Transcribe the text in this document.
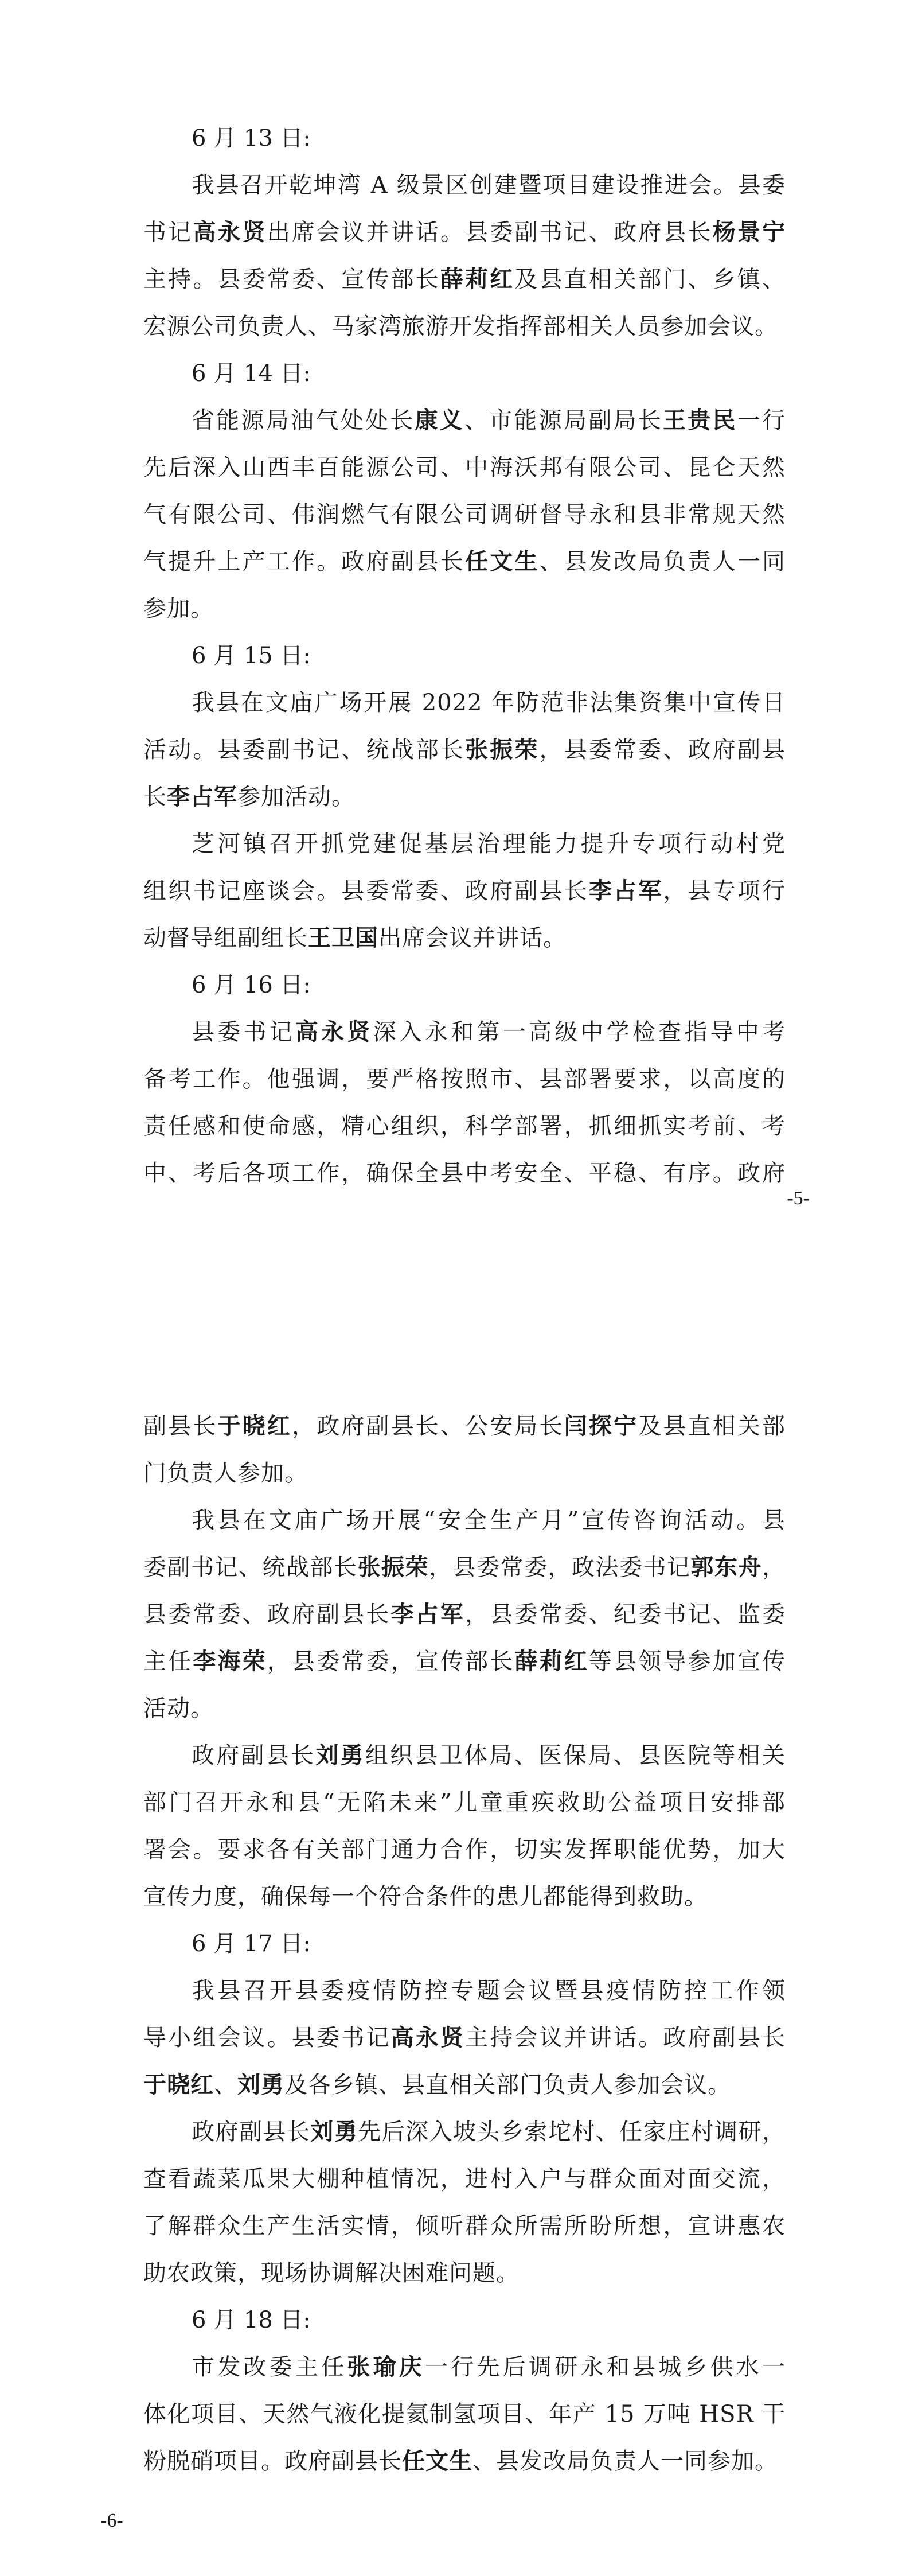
6 月 13 日:
我县召开乾坤湾 A 级景区创建暨项目建设推进会。县委
书记高永贤出席会议并讲话。县委副书记、政府县长杨景宁
主持。县委常委、宣传部长薛莉红及县直相关部门、乡镇、
宏源公司负责人、马家湾旅游开发指挥部相关人员参加会议。
6 月 14 日:
省能源局油气处处长康义、市能源局副局长王贵民一行
先后深入山西丰百能源公司、中海沃邦有限公司、昆仑天然
气有限公司、伟润燃气有限公司调研督导永和县非常规天然
气提升上产工作。政府副县长任文生、县发改局负责人一同
参加。
6 月 15 日:
我县在文庙广场开展 2022 年防范非法集资集中宣传日
活动。县委副书记、统战部长张振荣，县委常委、政府副县
长李占军参加活动。
芝河镇召开抓党建促基层治理能力提升专项行动村党
组织书记座谈会。县委常委、政府副县长李占军，县专项行
动督导组副组长王卫国出席会议并讲话。
6 月 16 日:
县委书记高永贤深入永和第一高级中学检查指导中考
备考工作。他强调，要严格按照市、县部署要求，以高度的
责任感和使命感，精心组织，科学部署，抓细抓实考前、考
中、考后各项工作，确保全县中考安全、平稳、有序。政府
-5-
副县长于晓红，政府副县长、公安局长闫探宁及县直相关部
门负责人参加。
我县在文庙广场开展“安全生产月”宣传咨询活动。县
委副书记、统战部长张振荣，县委常委，政法委书记郭东舟，
县委常委、政府副县长李占军，县委常委、纪委书记、监委
主任李海荣，县委常委，宣传部长薛莉红等县领导参加宣传
活动。
政府副县长刘勇组织县卫体局、医保局、县医院等相关
部门召开永和县“无陷未来”儿童重疾救助公益项目安排部
署会。要求各有关部门通力合作，切实发挥职能优势，加大
宣传力度，确保每一个符合条件的患儿都能得到救助。
6 月 17 日:
我县召开县委疫情防控专题会议暨县疫情防控工作领
导小组会议。县委书记高永贤主持会议并讲话。政府副县长
于晓红、刘勇及各乡镇、县直相关部门负责人参加会议。
政府副县长刘勇先后深入坡头乡索坨村、任家庄村调研，
查看蔬菜瓜果大棚种植情况，进村入户与群众面对面交流，
了解群众生产生活实情，倾听群众所需所盼所想，宣讲惠农
助农政策，现场协调解决困难问题。
6 月 18 日:
市发改委主任张瑜庆一行先后调研永和县城乡供水一
体化项目、天然气液化提氦制氢项目、年产 15 万吨 HSR 干
粉脱硝项目。政府副县长任文生、县发改局负责人一同参加。
-6-
